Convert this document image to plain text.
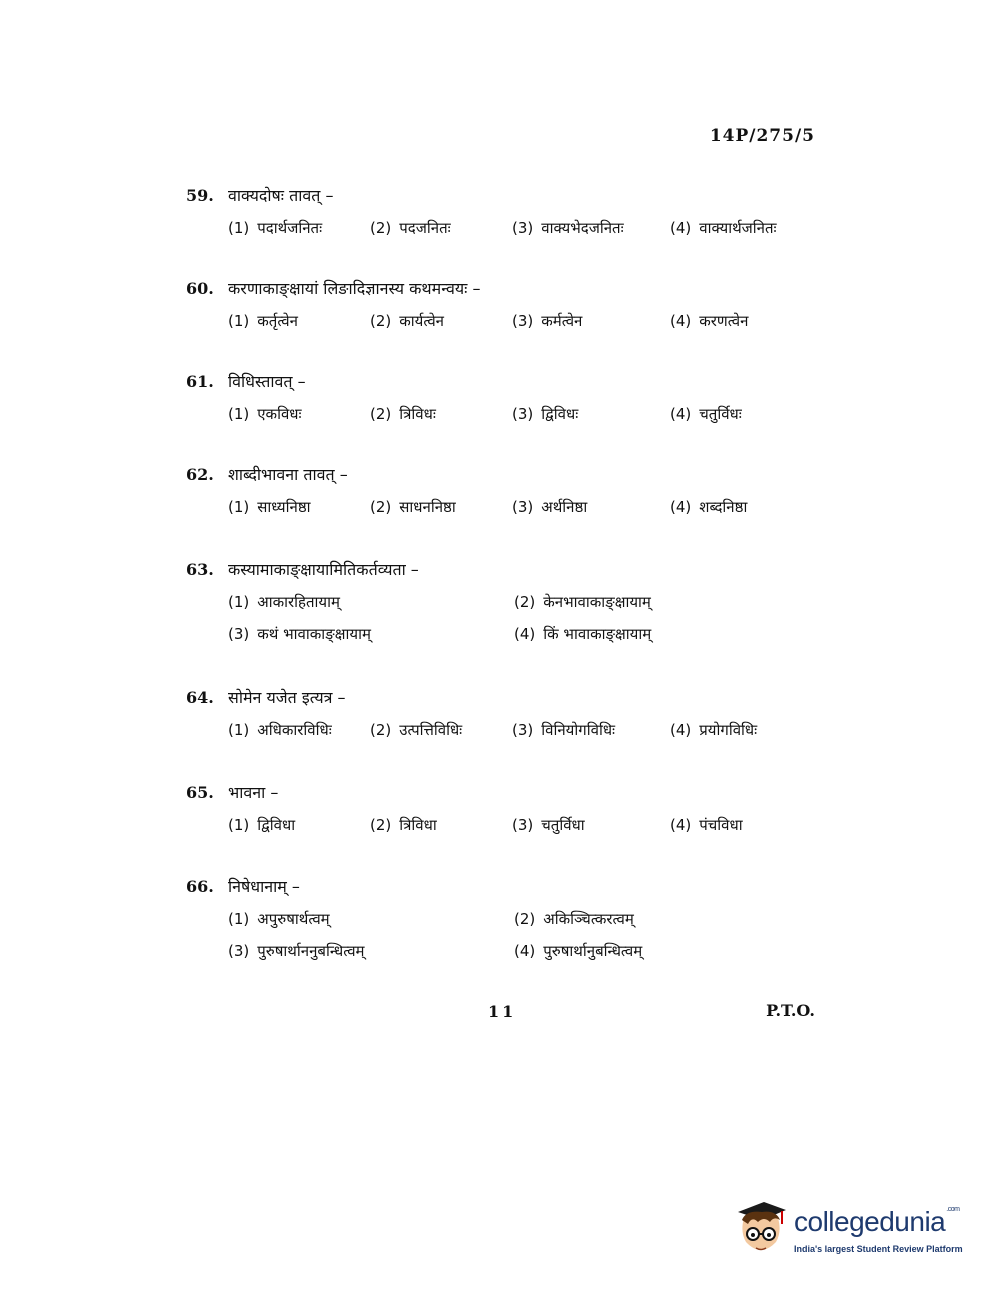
14P/275/5
59. वाक्यदोषः तावत् –
(1) पदार्थजनितः	(2) पदजनितः	(3) वाक्यभेदजनितः	(4) वाक्यार्थजनितः
60. करणाकाङ्क्षायां लिङादिज्ञानस्य कथमन्वयः –
(1) कर्तृत्वेन	(2) कार्यत्वेन	(3) कर्मत्वेन	(4) करणत्वेन
61. विधिस्तावत् –
(1) एकविधः	(2) त्रिविधः	(3) द्विविधः	(4) चतुर्विधः
62. शाब्दीभावना तावत् –
(1) साध्यनिष्ठा	(2) साधननिष्ठा	(3) अर्थनिष्ठा	(4) शब्दनिष्ठा
63. कस्यामाकाङ्क्षायामितिकर्तव्यता –
(1) आकारहितायाम्	(2) केनभावाकाङ्क्षायाम्
(3) कथं भावाकाङ्क्षायाम्	(4) किं भावाकाङ्क्षायाम्
64. सोमेन यजेत इत्यत्र –
(1) अधिकारविधिः	(2) उत्पत्तिविधिः	(3) विनियोगविधिः	(4) प्रयोगविधिः
65. भावना –
(1) द्विविधा	(2) त्रिविधा	(3) चतुर्विधा	(4) पंचविधा
66. निषेधानाम् –
(1) अपुरुषार्थत्वम्	(2) अकिञ्चित्करत्वम्
(3) पुरुषार्थाननुबन्धित्वम्	(4) पुरुषार्थानुबन्धित्वम्
11	P.T.O.
collegedunia$^{.com}$
India's largest Student Review Platform
